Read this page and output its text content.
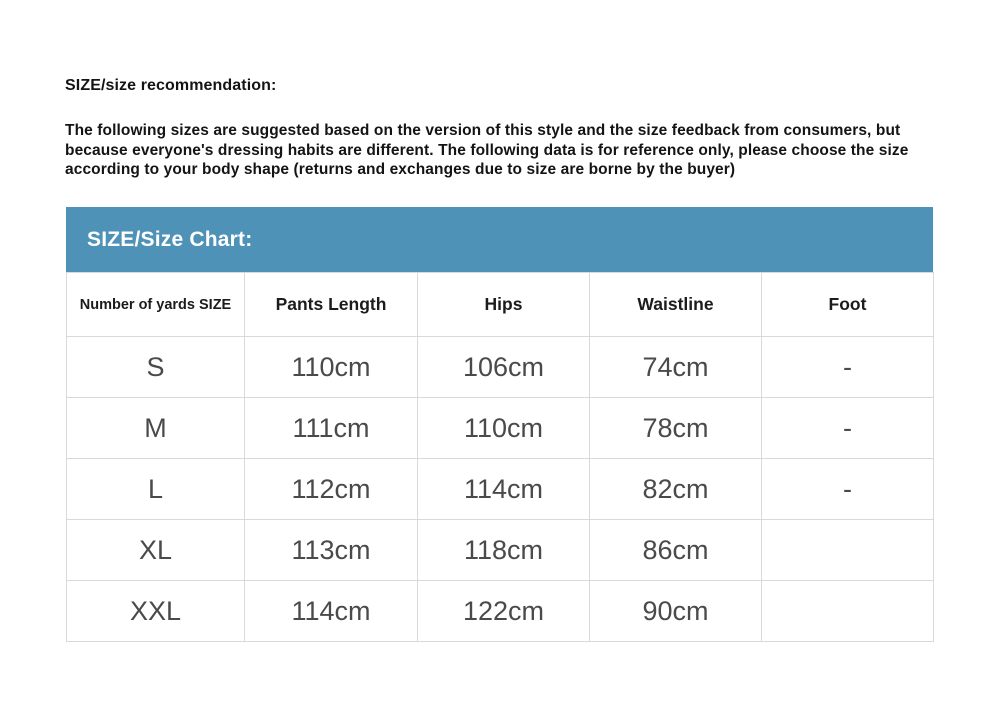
SIZE/size recommendation:
The following sizes are suggested based on the version of this style and the size feedback from consumers, but because everyone's dressing habits are different. The following data is for reference only, please choose the size according to your body shape (returns and exchanges due to size are borne by the buyer)
SIZE/Size Chart:
Number of yards SIZE	Pants Length	Hips	Waistline	Foot
S	110cm	106cm	74cm	-
M	111cm	110cm	78cm	-
L	112cm	114cm	82cm	-
XL	113cm	118cm	86cm	
XXL	114cm	122cm	90cm	
